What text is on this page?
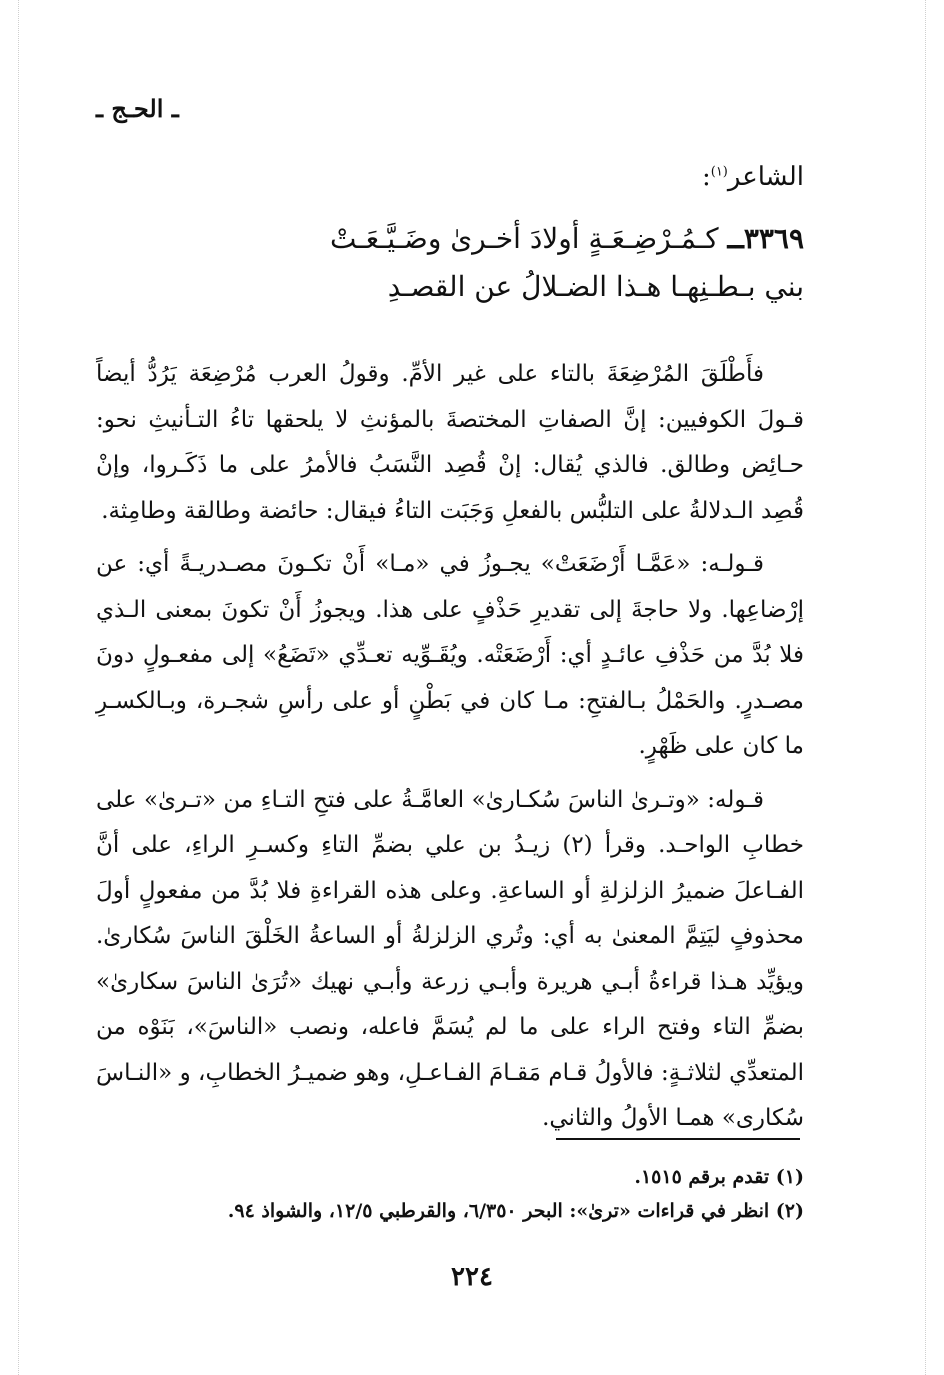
ـ الحـج ـ
الشاعر$^{(١)}$:
٣٣٦٩ــ كـمُـرْضِـعَـةٍ أولادَ أخـرىٰ وضَـيَّـعَـتْ
بني بـطـنِهـا هـذا الضـلالُ عن القصـدِ

فأَطْلَقَ المُرْضِعَةَ بالتاء على غير الأمِّ. وقولُ العرب مُرْضِعَة يَرُدُّ أيضاً قـولَ الكوفيين: إنَّ الصفاتِ المختصةَ بالمؤنثِ لا يلحقها تاءُ التـأنيثِ نحو: حـائِض وطالق. فالذي يُقال: إنْ قُصِد النَّسَبُ فالأمرُ على ما ذَكَـروا، وإنْ قُصِد الـدلالةُ على التلبُّس بالفعلِ وَجَبَت التاءُ فيقال: حائضة وطالقة وطامِثة.

قـولـه: «عَمَّـا أَرْضَعَتْ» يجـوزُ في «مـا» أَنْ تكـونَ مصـدريـةً أي: عن إرْضاعِها. ولا حاجةَ إلى تقديرِ حَذْفٍ على هذا. ويجوزُ أَنْ تكونَ بمعنى الـذي فلا بُدَّ من حَذْفِ عائـدٍ أي: أَرْضَعَتْه. ويُقَـوِّيه تعـدِّي «تَضَعُ» إلى مفعـولٍ دونَ مصـدرٍ. والحَمْلُ بـالفتحِ: مـا كان في بَطْنٍ أو على رأسِ شجـرة، وبـالكسـرِ ما كان على ظَهْرٍ.

قـوله: «وتـرىٰ الناسَ سُكـارىٰ» العامَّـةُ على فتحِ التـاءِ من «تـرىٰ» على خطابِ الواحـد. وقرأ (٢) زيـدُ بن علي بضمِّ التاءِ وكسـرِ الراءِ، على أنَّ الفـاعلَ ضميرُ الزلزلةِ أو الساعةِ. وعلى هذه القراءةِ فلا بُدَّ من مفعولٍ أولَ محذوفٍ ليَتِمَّ المعنىٰ به أي: وتُري الزلزلةُ أو الساعةُ الخَلْقَ الناسَ سُكارىٰ. ويؤيِّد هـذا قراءةُ أبـي هريرة وأبـي زرعة وأبـي نهيك «تُرَىٰ الناسَ سكارىٰ» بضمِّ التاء وفتح الراء على ما لم يُسَمَّ فاعله، ونصب «الناسَ»، بَنَوْه من المتعدِّي لثلاثـةٍ: فالأولُ قـام مَقـامَ الفـاعـلِ، وهو ضميـرُ الخطابِ، و «النـاسَ سُكارى» همـا الأولُ والثاني.

(١) تقدم برقم ١٥١٥.
(٢) انظر في قراءات «ترىٰ»: البحر ٦/٣٥٠، والقرطبي ١٢/٥، والشواذ ٩٤.
٢٢٤
